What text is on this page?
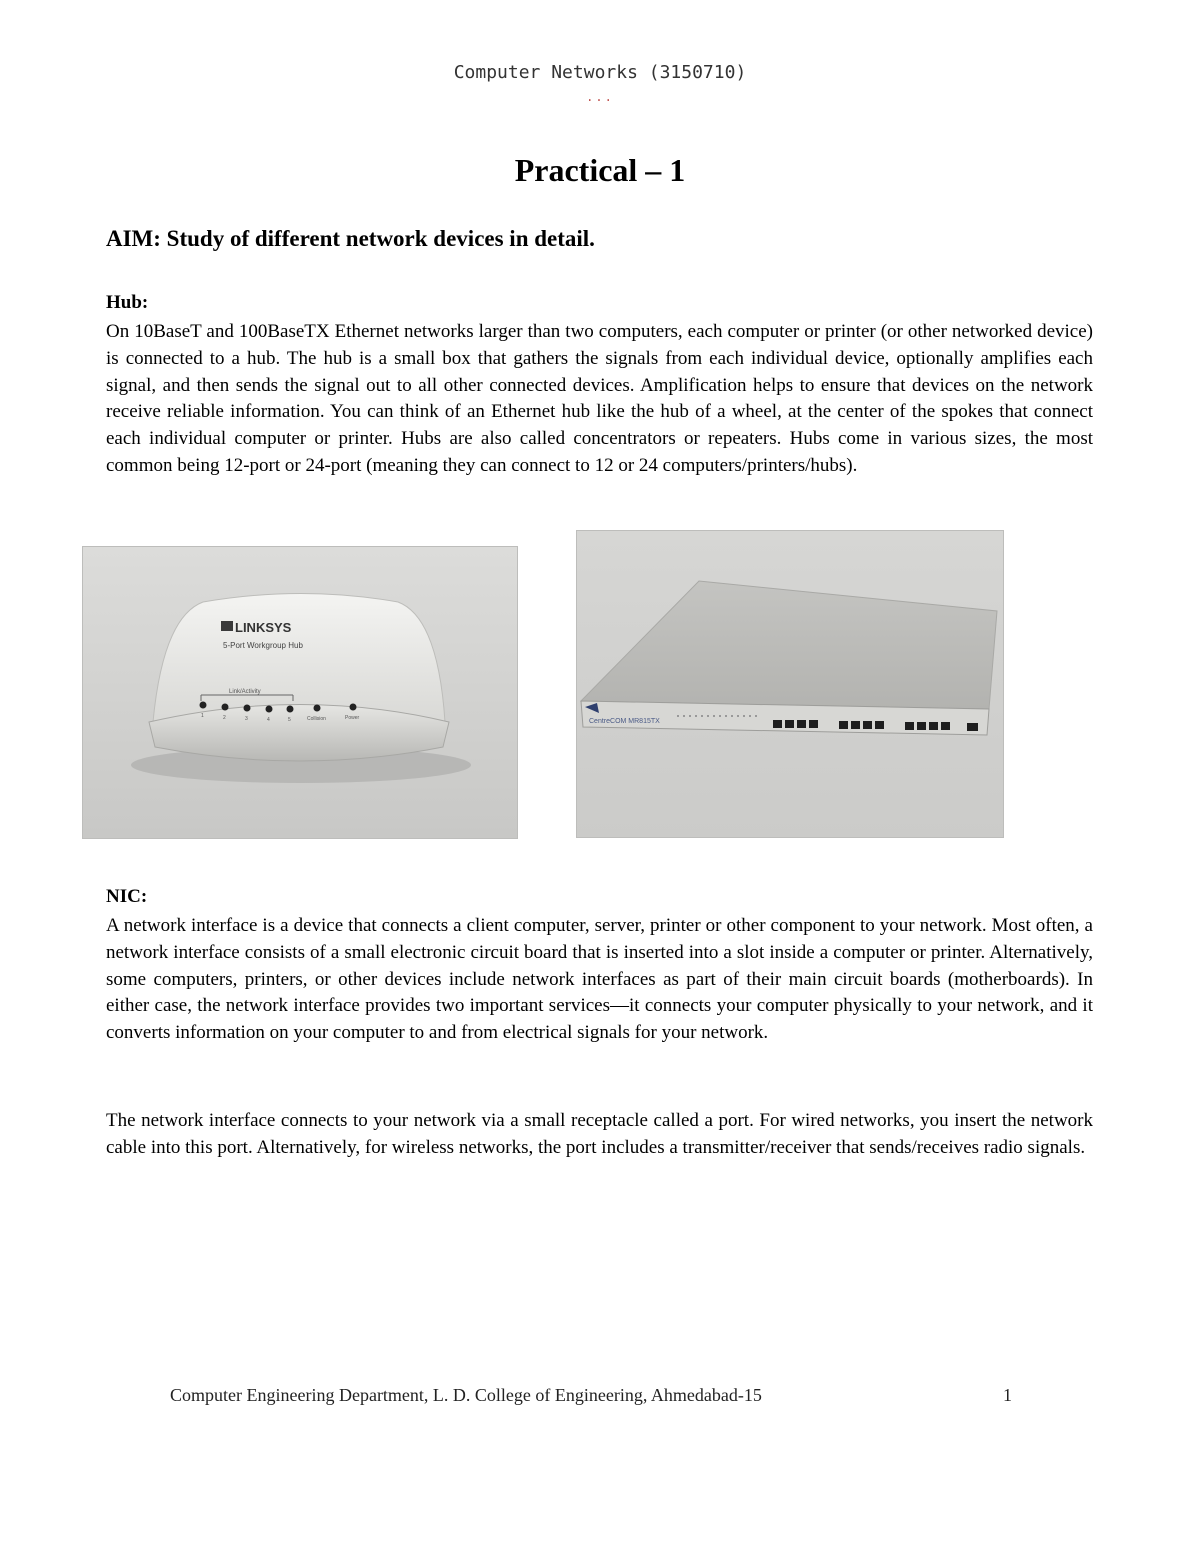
Computer Networks (3150710)
...
Practical – 1
AIM: Study of different network devices in detail.
Hub:

On 10BaseT and 100BaseTX Ethernet networks larger than two computers, each computer or printer (or other networked device) is connected to a hub. The hub is a small box that gathers the signals from each individual device, optionally amplifies each signal, and then sends the signal out to all other connected devices. Amplification helps to ensure that devices on the network receive reliable information. You can think of an Ethernet hub like the hub of a wheel, at the center of the spokes that connect each individual computer or printer. Hubs are also called concentrators or repeaters. Hubs come in various sizes, the most common being 12-port or 24-port (meaning they can connect to 12 or 24 computers/printers/hubs).

LINKSYS
5-Port Workgroup Hub
Link/Activity
1	2	3	4	5	Collision	Power	CentreCOM MR815TX
NIC:

A network interface is a device that connects a client computer, server, printer or other component to your network. Most often, a network interface consists of a small electronic circuit board that is inserted into a slot inside a computer or printer. Alternatively, some computers, printers, or other devices include network interfaces as part of their main circuit boards (motherboards). In either case, the network interface provides two important services—it connects your computer physically to your network, and it converts information on your computer to and from electrical signals for your network.

The network interface connects to your network via a small receptacle called a port. For wired networks, you insert the network cable into this port. Alternatively, for wireless networks, the port includes a transmitter/receiver that sends/receives radio signals.

Computer Engineering Department, L. D. College of Engineering, Ahmedabad-15	1
